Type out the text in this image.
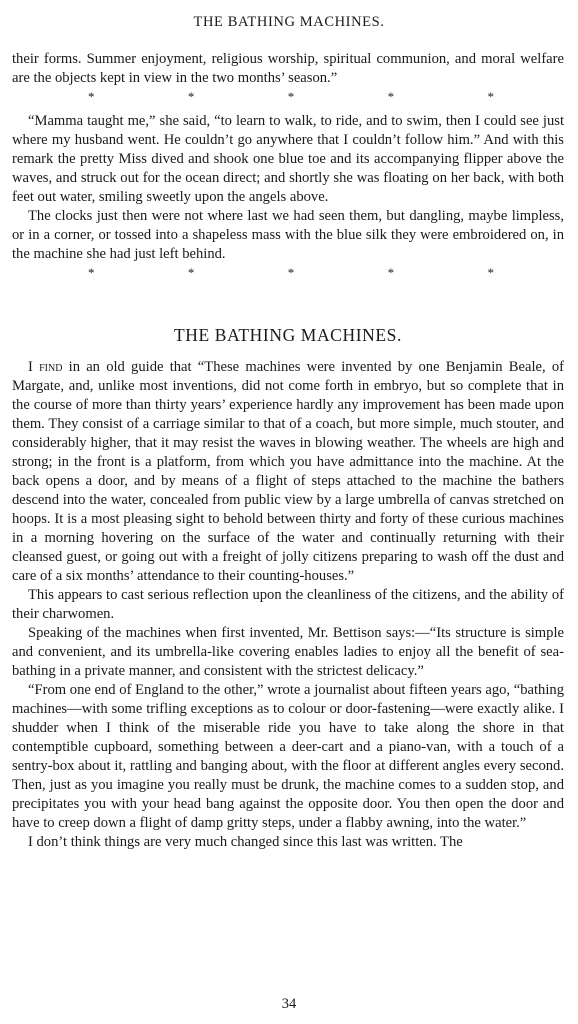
THE BATHING MACHINES.

their forms. Summer enjoyment, religious worship, spiritual communion, and moral welfare are the objects kept in view in the two months’ season.”

*	*	*	*	*

“Mamma taught me,” she said, “to learn to walk, to ride, and to swim, then I could see just where my husband went. He couldn’t go anywhere that I couldn’t follow him.” And with this remark the pretty Miss dived and shook one blue toe and its accompanying flipper above the waves, and struck out for the ocean direct; and shortly she was floating on her back, with both feet out water, smiling sweetly upon the angels above.

The clocks just then were not where last we had seen them, but dangling, maybe limpless, or in a corner, or tossed into a shapeless mass with the blue silk they were embroidered on, in the machine she had just left behind.

*	*	*	*	*
THE BATHING MACHINES.

I find in an old guide that “These machines were invented by one Benjamin Beale, of Margate, and, unlike most inventions, did not come forth in embryo, but so complete that in the course of more than thirty years’ experience hardly any improvement has been made upon them. They consist of a carriage similar to that of a coach, but more simple, much stouter, and considerably higher, that it may resist the waves in blowing weather. The wheels are high and strong; in the front is a platform, from which you have admittance into the machine. At the back opens a door, and by means of a flight of steps attached to the machine the bathers descend into the water, concealed from public view by a large umbrella of canvas stretched on hoops. It is a most pleasing sight to behold between thirty and forty of these curious machines in a morning hovering on the surface of the water and continually returning with their cleansed guest, or going out with a freight of jolly citizens preparing to wash off the dust and care of a six months’ attendance to their counting-houses.”

This appears to cast serious reflection upon the cleanliness of the citizens, and the ability of their charwomen.

Speaking of the machines when first invented, Mr. Bettison says:—“Its structure is simple and convenient, and its umbrella-like covering enables ladies to enjoy all the benefit of sea-bathing in a private manner, and consistent with the strictest delicacy.”

“From one end of England to the other,” wrote a journalist about fifteen years ago, “bathing machines—with some trifling exceptions as to colour or door-fastening—were exactly alike. I shudder when I think of the miserable ride you have to take along the shore in that contemptible cupboard, something between a deer-cart and a piano-van, with a touch of a sentry-box about it, rattling and banging about, with the floor at different angles every second. Then, just as you imagine you really must be drunk, the machine comes to a sudden stop, and precipitates you with your head bang against the opposite door. You then open the door and have to creep down a flight of damp gritty steps, under a flabby awning, into the water.”

I don’t think things are very much changed since this last was written. The

34
